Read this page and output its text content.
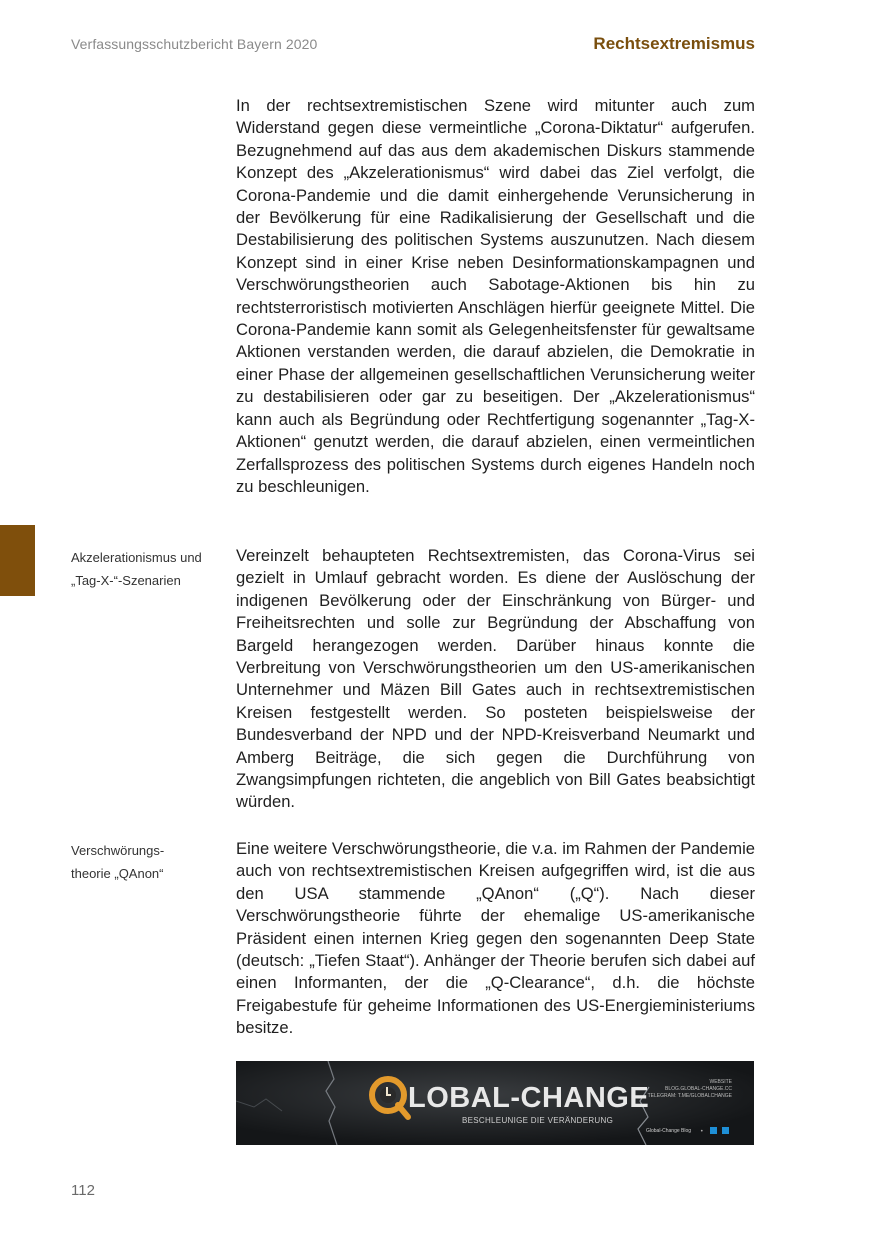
Verfassungsschutzbericht Bayern 2020	Rechtsextremismus

In der rechtsextremistischen Szene wird mitunter auch zum Widerstand gegen diese vermeintliche „Corona-Diktatur“ aufgerufen. Bezugnehmend auf das aus dem akademischen Diskurs stammende Konzept des „Akzelerationismus“ wird dabei das Ziel verfolgt, die Corona-Pandemie und die damit einhergehende Verunsicherung in der Bevölkerung für eine Radikalisierung der Gesellschaft und die Destabilisierung des politischen Systems auszunutzen. Nach diesem Konzept sind in einer Krise neben Desinformationskampagnen und Verschwörungstheorien auch Sabotage-Aktionen bis hin zu rechtsterroristisch motivierten Anschlägen hierfür geeignete Mittel. Die Corona-Pandemie kann somit als Gelegenheitsfenster für gewaltsame Aktionen verstanden werden, die darauf abzielen, die Demokratie in einer Phase der allgemeinen gesellschaftlichen Verunsicherung weiter zu destabilisieren oder gar zu beseitigen. Der „Akzelerationismus“ kann auch als Begründung oder Rechtfertigung sogenannter „Tag-X-Aktionen“ genutzt werden, die darauf abzielen, einen vermeintlichen Zerfallsprozess des politischen Systems durch eigenes Handeln noch zu beschleunigen.

Akzelerationismus und „Tag-X-“-Szenarien

Vereinzelt behaupteten Rechtsextremisten, das Corona-Virus sei gezielt in Umlauf gebracht worden. Es diene der Auslöschung der indigenen Bevölkerung oder der Einschränkung von Bürger- und Freiheitsrechten und solle zur Begründung der Abschaffung von Bargeld herangezogen werden. Darüber hinaus konnte die Verbreitung von Verschwörungstheorien um den US-amerikanischen Unternehmer und Mäzen Bill Gates auch in rechtsextremistischen Kreisen festgestellt werden. So posteten beispielsweise der Bundesverband der NPD und der NPD-Kreisverband Neumarkt und Amberg Beiträge, die sich gegen die Durchführung von Zwangsimpfungen richteten, die angeblich von Bill Gates beabsichtigt würden.

Verschwörungs-theorie „QAnon“

Eine weitere Verschwörungstheorie, die v.a. im Rahmen der Pandemie auch von rechtsextremistischen Kreisen aufgegriffen wird, ist die aus den USA stammende „QAnon“ („Q“). Nach dieser Verschwörungstheorie führte der ehemalige US-amerikanische Präsident einen internen Krieg gegen den sogenannten Deep State (deutsch: „Tiefen Staat“). Anhänger der Theorie berufen sich dabei auf einen Informanten, der die „Q-Clearance“, d.h. die höchste Freigabestufe für geheime Informationen des US-Energieministeriums besitze.

LOBAL-CHANGE
BESCHLEUNIGE DIE VERÄNDERUNG
WEBSITE
BLOG.GLOBAL-CHANGE.CC
TELEGRAM: T.ME/GLOBALCHANGE
Global-Change Blog •
112
